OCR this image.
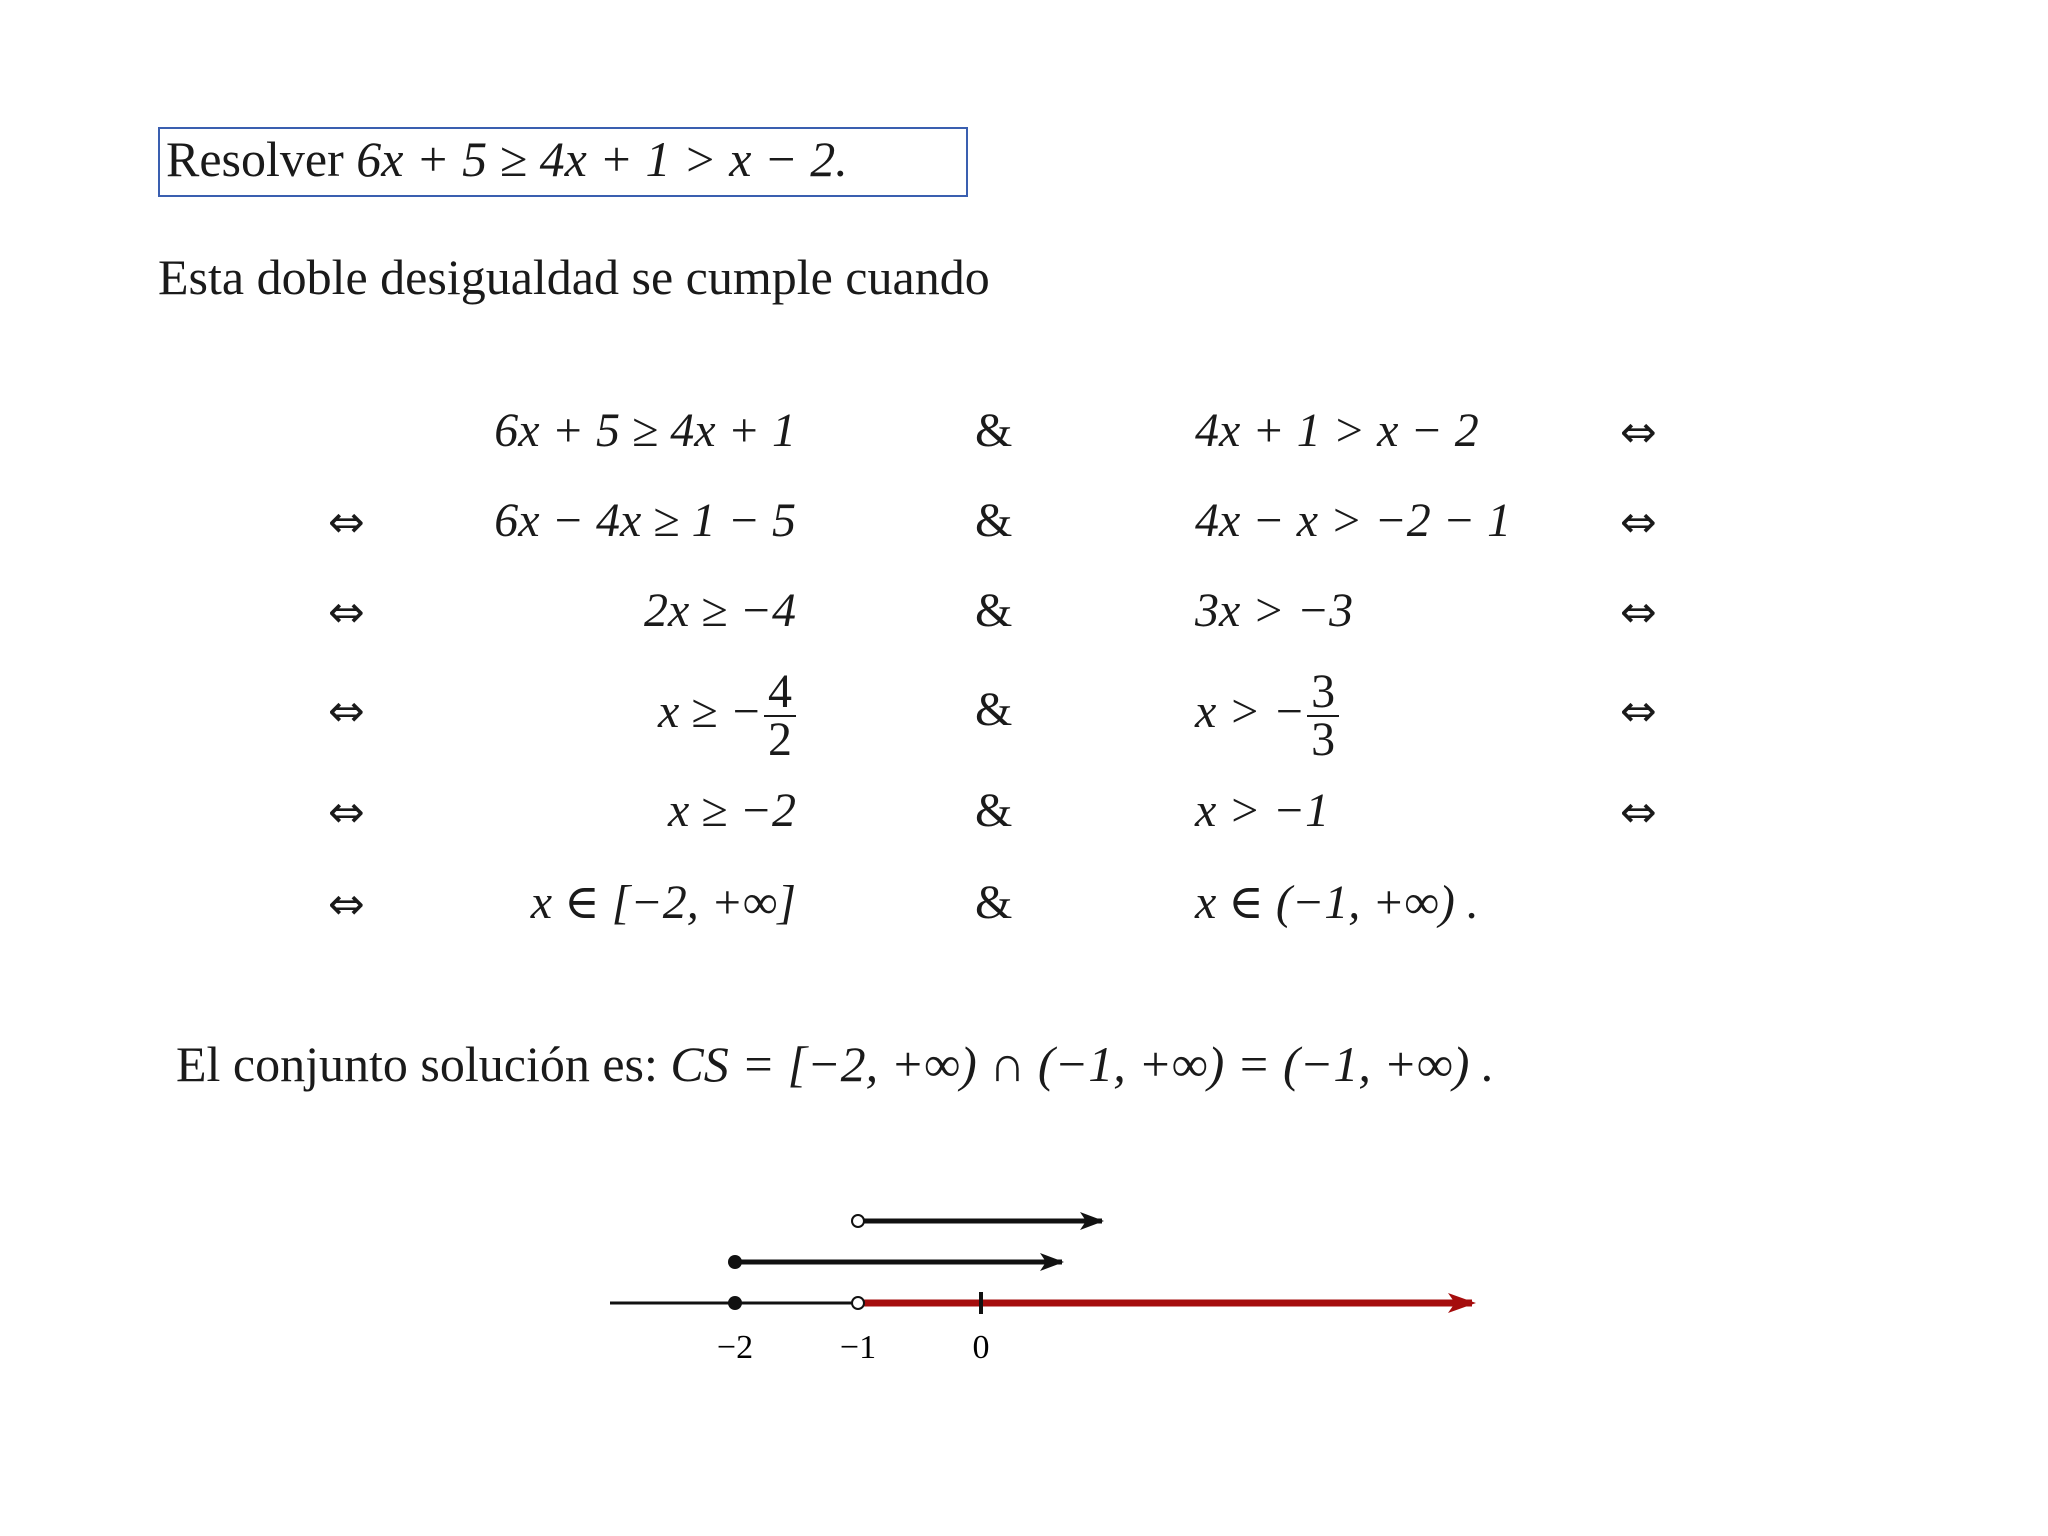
Resolver 6x + 5 ≥ 4x + 1 > x − 2.
Esta doble desigualdad se cumple cuando
6x + 5 ≥ 4x + 1	&	4x + 1 > x − 2	⇔
⇔	6x − 4x ≥ 1 − 5	&	4x − x > −2 − 1 ⇔
⇔	2x ≥ −4	&	3x > −3	⇔
⇔	x ≥ − $\frac{4}{2}$	&	x > − $\frac{3}{3}$	⇔
⇔	x ≥ −2	&	x > −1	⇔
⇔	x ∈ [−2, +∞]	&	x ∈ (−1, +∞) .
El conjunto solución es: CS = [−2, +∞) ∩ (−1, +∞) = (−1, +∞) .
−2	−1	0
